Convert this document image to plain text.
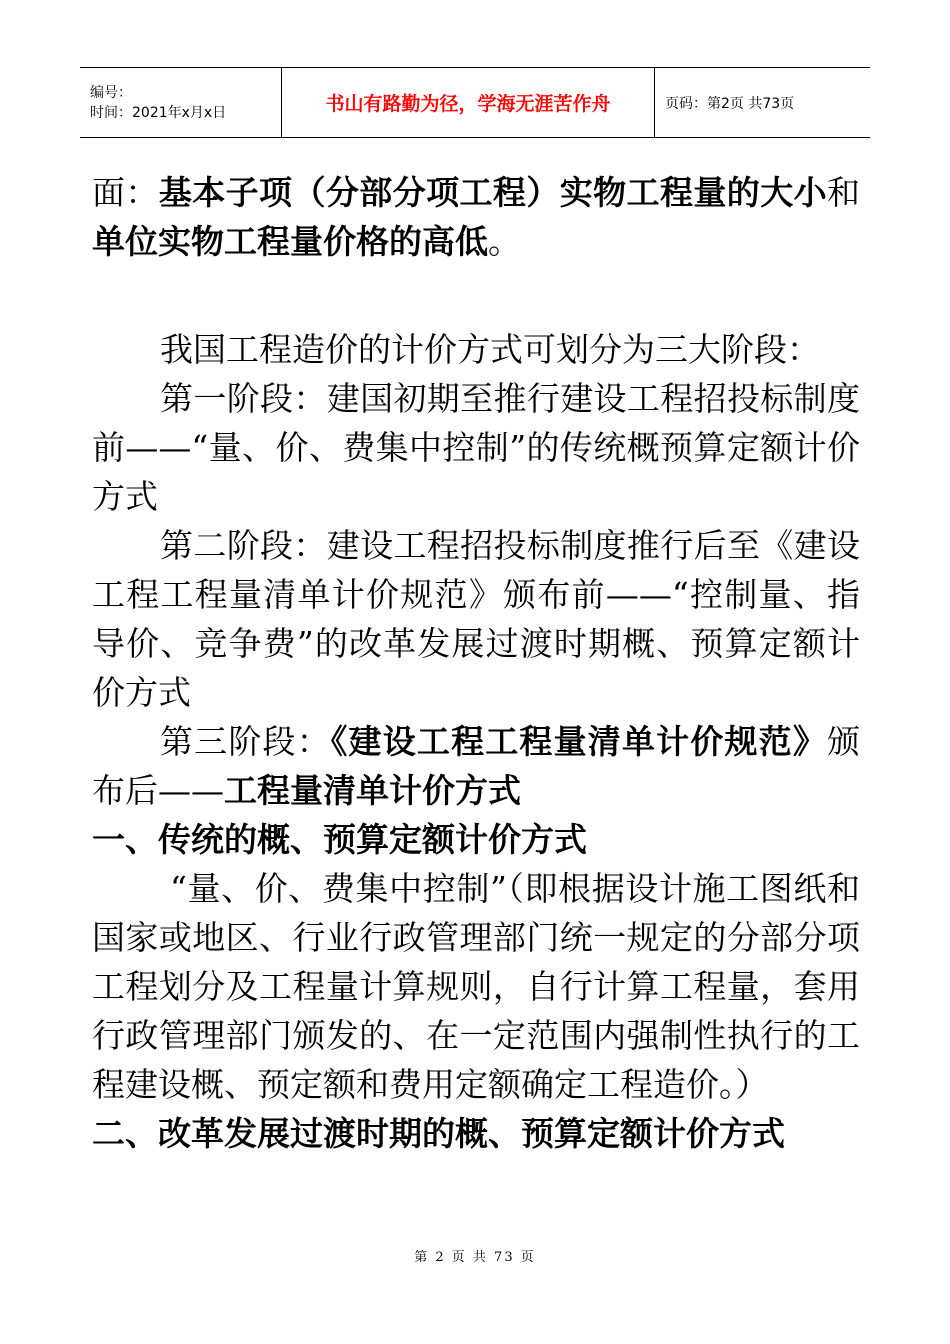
编号：
时间：2021年x月x日	书山有路勤为径，学海无涯苦作舟	页码：第2页 共73页

面：基本子项（分部分项工程）实物工程量的大小和单位实物工程量价格的高低。

我国工程造价的计价方式可划分为三大阶段：

第一阶段：建国初期至推行建设工程招投标制度前——“量、价、费集中控制”的传统概预算定额计价方式

第二阶段：建设工程招投标制度推行后至《建设工程工程量清单计价规范》颁布前——“控制量、指导价、竞争费”的改革发展过渡时期概、预算定额计价方式

第三阶段：《建设工程工程量清单计价规范》颁布后——工程量清单计价方式

一、传统的概、预算定额计价方式

“量、价、费集中控制”（即根据设计施工图纸和国家或地区、行业行政管理部门统一规定的分部分项工程划分及工程量计算规则，自行计算工程量，套用行政管理部门颁发的、在一定范围内强制性执行的工程建设概、预定额和费用定额确定工程造价。）

二、改革发展过渡时期的概、预算定额计价方式

第 2 页 共 73 页
